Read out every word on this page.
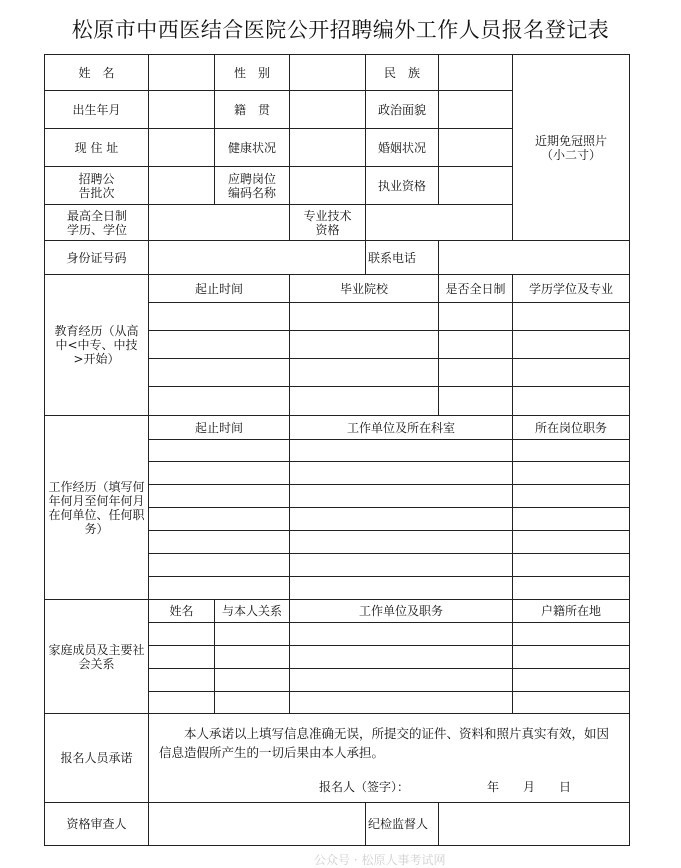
松原市中西医结合医院公开招聘编外工作人员报名登记表
姓　名		性　别		民　族		近期免冠照片（小二寸）
出生年月		籍　贯		政治面貌		
现 住 址		健康状况		婚姻状况		
招聘公告批次		应聘岗位编码名称		执业资格		
最高全日制学历、学位			专业技术资格			
身份证号码				联系电话		
教育经历（从高中<中专、中技>开始）	起止时间		毕业院校		是否全日制	学历学位及专业

工作经历（填写何年何月至何年何月在何单位、任何职务）	起止时间		工作单位及所在科室			所在岗位职务

家庭成员及主要社会关系	姓名	与本人关系	工作单位及职务			户籍所在地

报名人员承诺	本人承诺以上填写信息准确无误，所提交的证件、资料和照片真实有效，如因信息造假所产生的一切后果由本人承担。
报名人（签字）： 年　　月　　日					

资格审查人				纪检监督人		
公众号 · 松原人事考试网
